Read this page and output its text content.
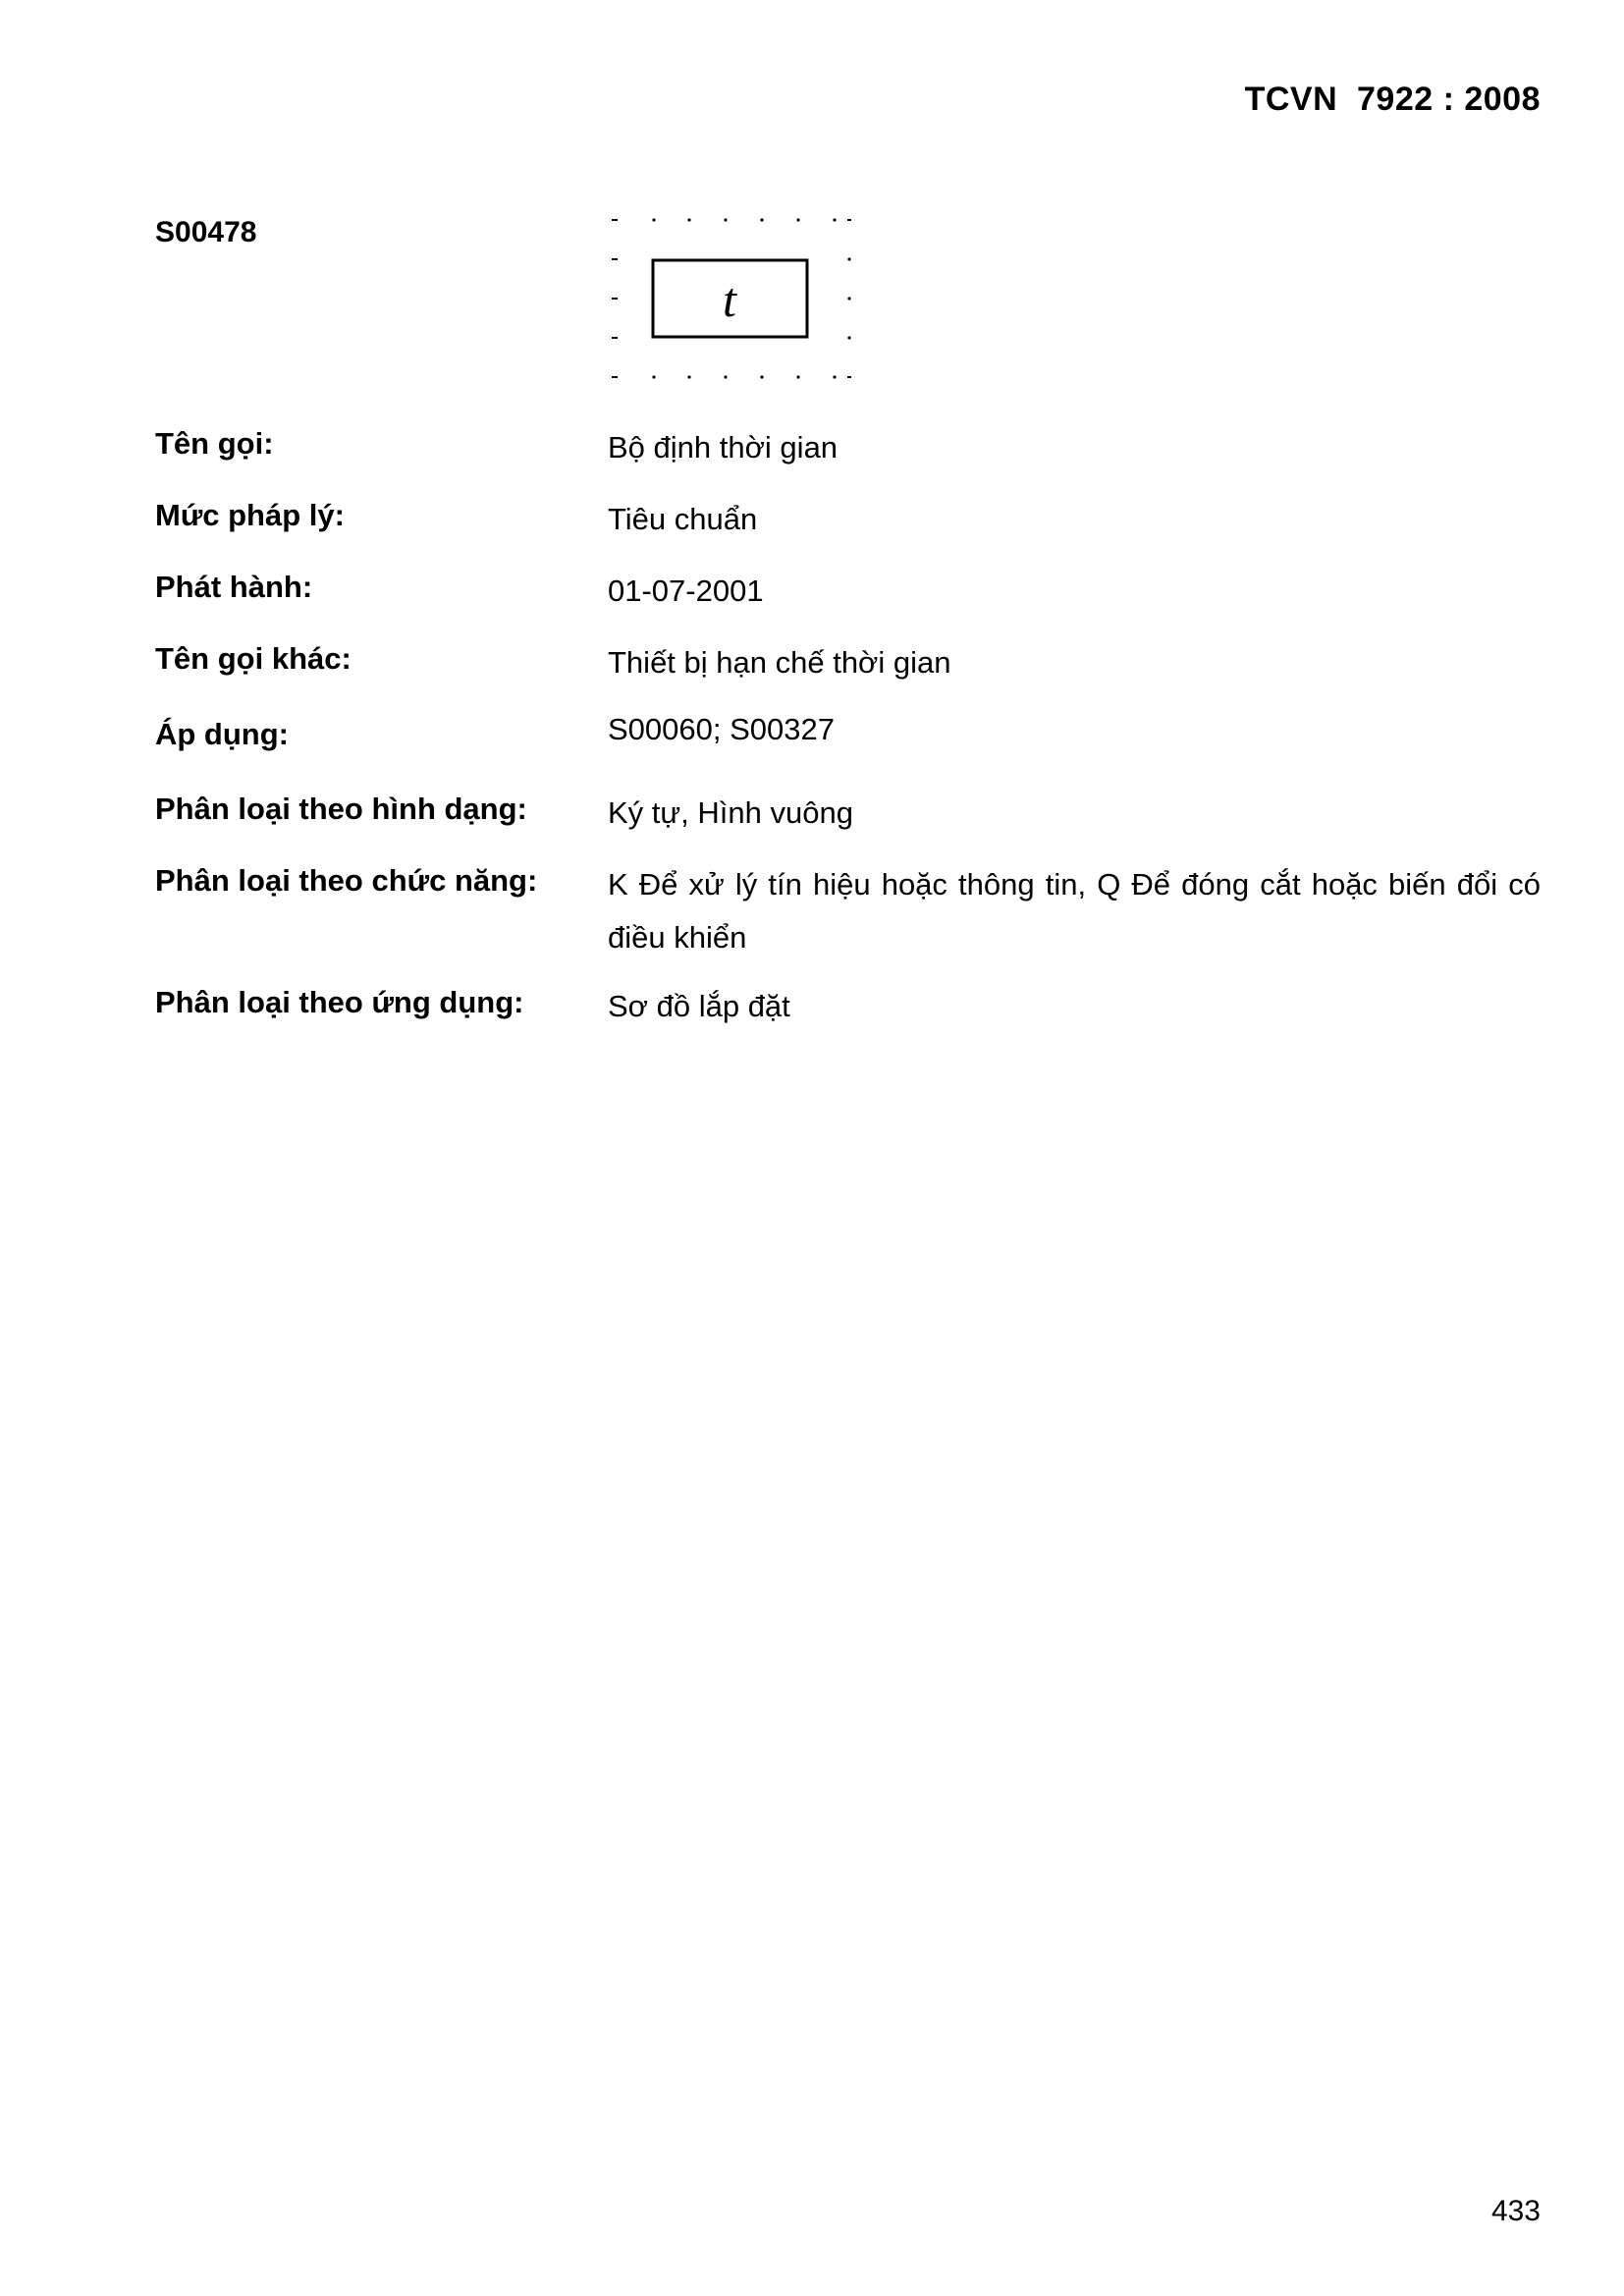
TCVN  7922 : 2008
S00478
t
Tên gọi:	Bộ định thời gian
Mức pháp lý:	Tiêu chuẩn
Phát hành:	01-07-2001
Tên gọi khác:	Thiết bị hạn chế thời gian
Áp dụng:	S00060; S00327
Phân loại theo hình dạng:	Ký tự, Hình vuông
Phân loại theo chức năng:	K Để xử lý tín hiệu hoặc thông tin, Q Để đóng cắt hoặc biến đổi có điều khiển
Phân loại theo ứng dụng:	Sơ đồ lắp đặt
433
